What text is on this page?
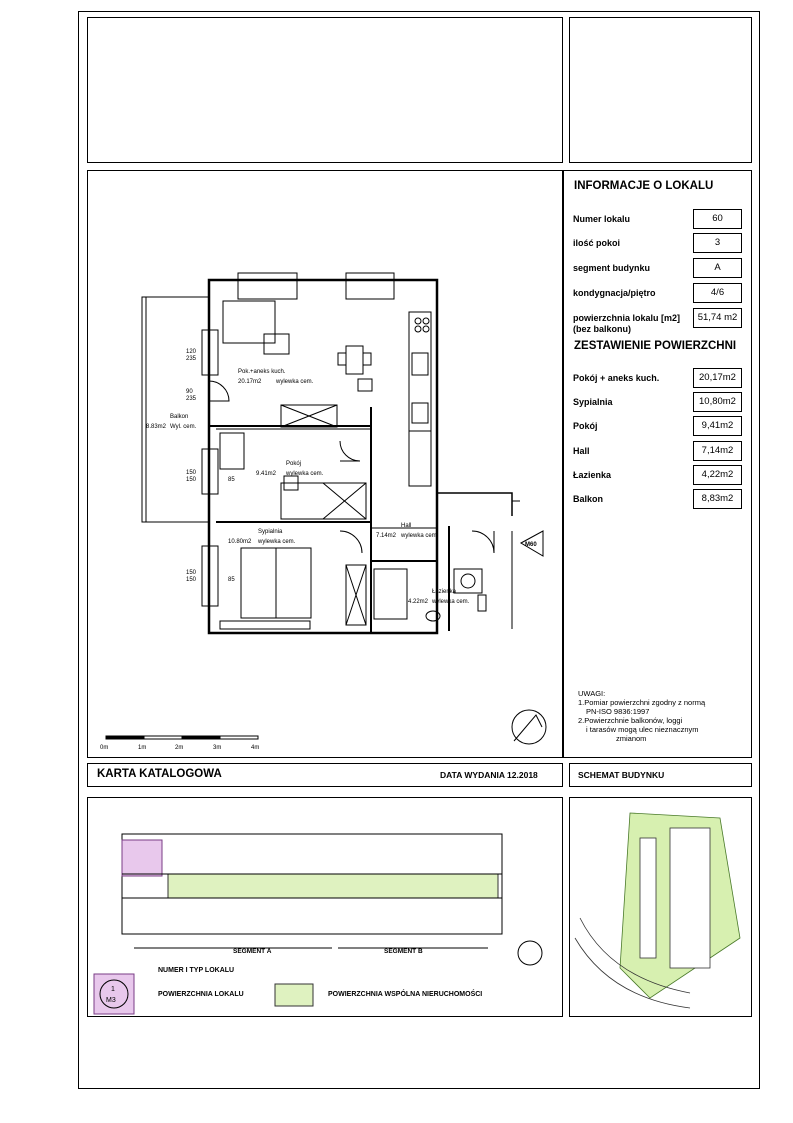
INFORMACJE O LOKALU
Numer lokalu	60
ilość pokoi	3
segment budynku	A
kondygnacja/piętro	4/6
powierzchnia lokalu [m2]
(bez balkonu)
51,74 m2
ZESTAWIENIE POWIERZCHNI
Pokój + aneks kuch.	20,17m2
Sypialnia	10,80m2
Pokój	9,41m2
Hall	7,14m2
Łazienka	4,22m2
Balkon	8,83m2
UWAGI:
1.Pomiar powierzchni zgodny z normą
PN-ISO 9836:1997
2.Powierzchnie balkonów, loggi
i tarasów mogą ulec nieznacznym
zmianom
Pok.+aneks kuch.
20.17m2 wylewka cem.
Pokój
9.41m2 wylewka cem.
Sypialnia
10.80m2 wylewka cem.
Hall
7.14m2 wylewka cem.
Łazienka
4.22m2 wylewka cem.
Balkon
8.83m2 Wyl. cem.
M60
120
235
90
235
150
150	85
150
150	85
0m	1m	2m	3m	4m
KARTA KATALOGOWA	DATA WYDANIA 12.2018	SCHEMAT BUDYNKU
SEGMENT A	SEGMENT B
NUMER I TYP LOKALU
POWIERZCHNIA LOKALU	POWIERZCHNIA WSPÓLNA NIERUCHOMOŚCI
1
M3
